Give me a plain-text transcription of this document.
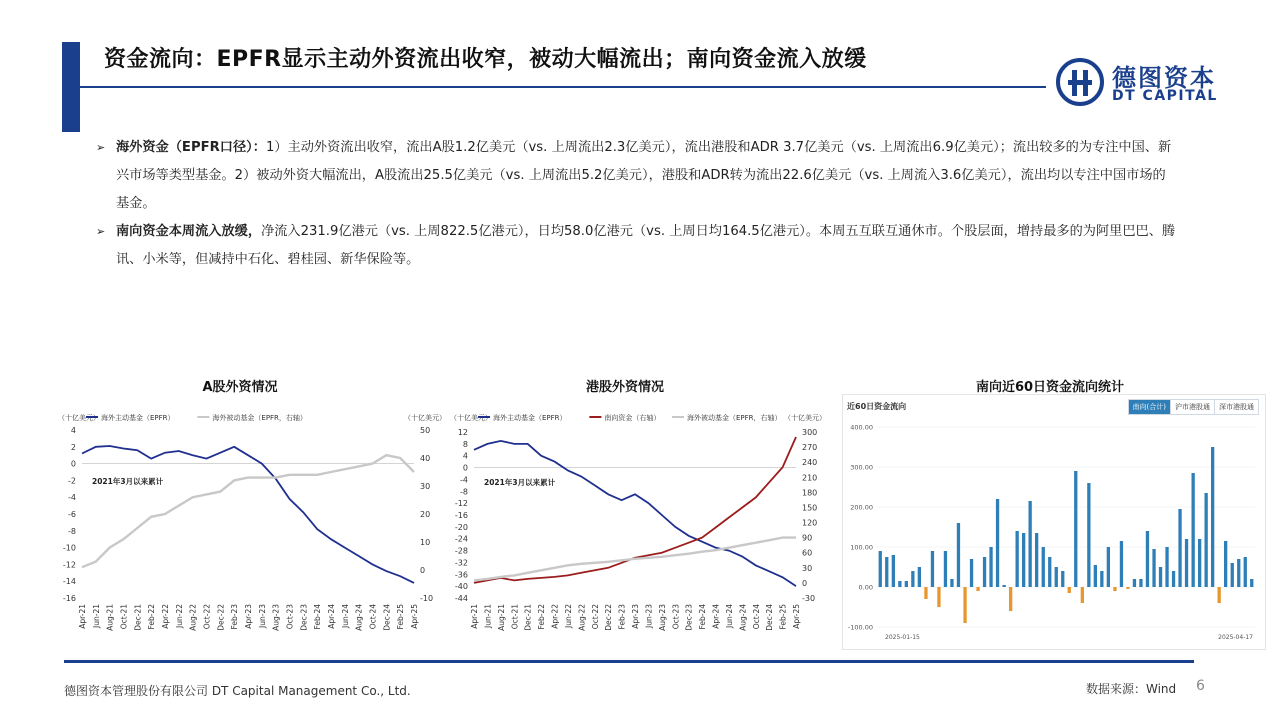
资金流向：EPFR显示主动外资流出收窄，被动大幅流出；南向资金流入放缓
德图资本
DT CAPITAL
➢ 海外资金（EPFR口径）：1）主动外资流出收窄，流出A股1.2亿美元（vs. 上周流出2.3亿美元），流出港股和ADR 3.7亿美元（vs. 上周流出6.9亿美元）；流出较多的为专注中国、新兴市场等类型基金。2）被动外资大幅流出，A股流出25.5亿美元（vs. 上周流出5.2亿美元），港股和ADR转为流出22.6亿美元（vs. 上周流入3.6亿美元），流出均以专注中国市场的基金。
➢ 南向资金本周流入放缓，净流入231.9亿港元（vs. 上周822.5亿港元），日均58.0亿港元（vs. 上周日均164.5亿港元）。本周五互联互通休市。个股层面，增持最多的为阿里巴巴、腾讯、小米等，但减持中石化、碧桂园、新华保险等。
A股外资情况	港股外资情况	南向近60日资金流向统计
（十亿美元）	（十亿美元）
海外主动基金（EPFR）	海外被动基金（EPFR，右轴）
4
2
0
-2
-4
-6
-8
-10
-12
-14
-16
50
40
30
20
10
0
-10
Apr-21 Jun-21 Aug-21 Oct-21 Dec-21 Feb-22 Apr-22 Jun-22 Aug-22 Oct-22 Dec-22 Feb-23 Apr-23 Jun-23 Aug-23 Oct-23 Dec-23 Feb-24 Apr-24 Jun-24 Aug-24 Oct-24 Dec-24 Feb-25 Apr-25
2021年3月以来累计
（十亿美元）	（十亿美元）
海外主动基金（EPFR）	南向资金（右轴）	海外被动基金（EPFR，右轴）
12
8
4
0
-4
-8
-12
-16
-20
-24
-28
-32
-36
-40
-44
300
270
240
210
180
150
120
90
60
30
0
-30
Apr-21 Jun-21 Aug-21 Oct-21 Dec-21 Feb-22 Apr-22 Jun-22 Aug-22 Oct-22 Dec-22 Feb-23 Apr-23 Jun-23 Aug-23 Oct-23 Dec-23 Feb-24 Apr-24 Jun-24 Aug-24 Oct-24 Dec-24 Feb-25 Apr-25
2021年3月以来累计
近60日资金流向	南向(合计)	沪市港股通	深市港股通
400.00
300.00
200.00
100.00
0.00
-100.00
2025-01-15	2025-04-17
德图资本管理股份有限公司 DT Capital Management Co., Ltd.	数据来源：Wind 6
